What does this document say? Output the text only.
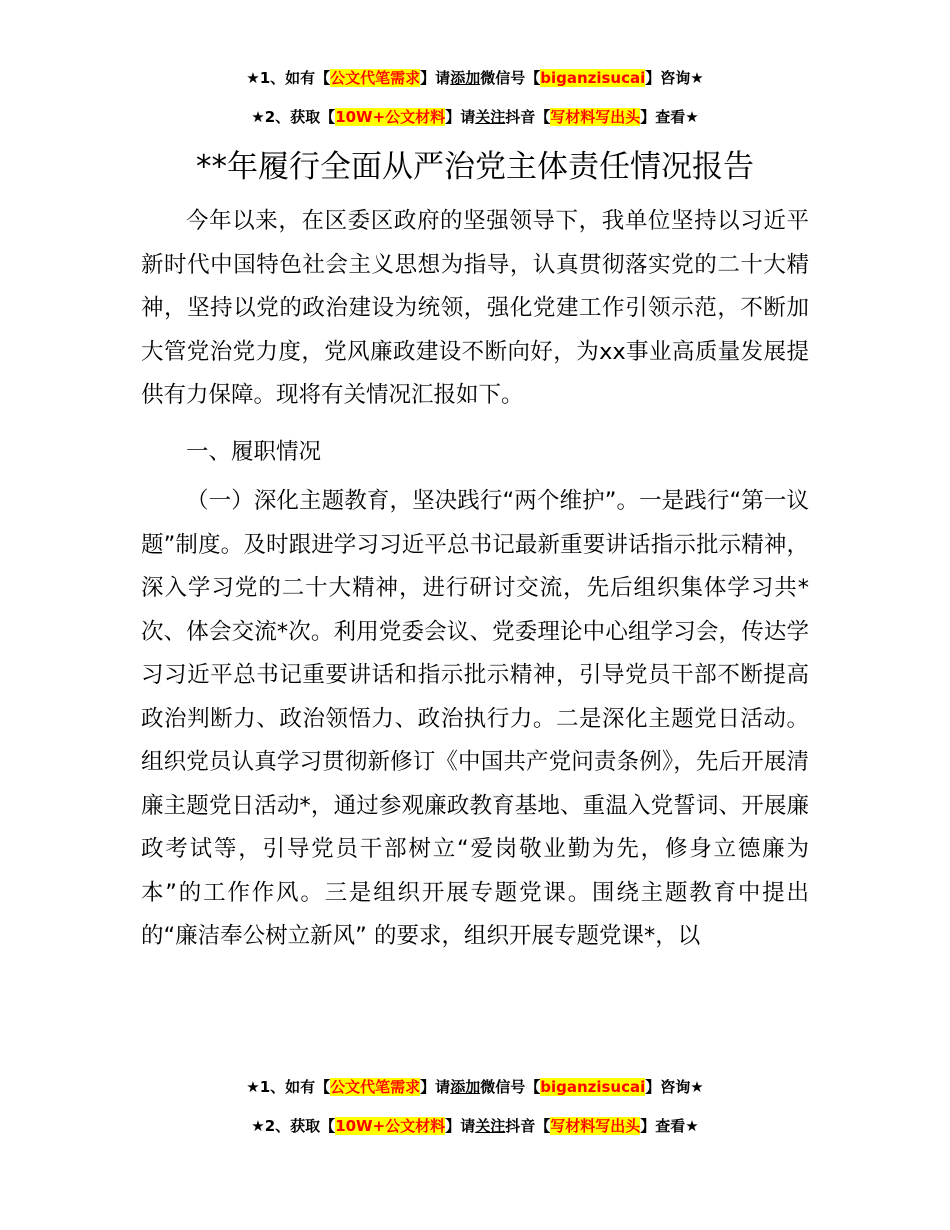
★1、如有【公文代笔需求】请添加微信号【biganzisucai】咨询★
★2、获取【10W+公文材料】请关注抖音【写材料写出头】查看★
**年履行全面从严治党主体责任情况报告

今年以来，在区委区政府的坚强领导下，我单位坚持以习近平新时代中国特色社会主义思想为指导，认真贯彻落实党的二十大精神，坚持以党的政治建设为统领，强化党建工作引领示范，不断加大管党治党力度，党风廉政建设不断向好，为xx事业高质量发展提供有力保障。现将有关情况汇报如下。

一、履职情况

（一）深化主题教育，坚决践行“两个维护”。一是践行“第一议题”制度。及时跟进学习习近平总书记最新重要讲话指示批示精神，深入学习党的二十大精神，进行研讨交流，先后组织集体学习共*次、体会交流*次。利用党委会议、党委理论中心组学习会，传达学习习近平总书记重要讲话和指示批示精神，引导党员干部不断提高政治判断力、政治领悟力、政治执行力。二是深化主题党日活动。组织党员认真学习贯彻新修订《中国共产党问责条例》，先后开展清廉主题党日活动*，通过参观廉政教育基地、重温入党誓词、开展廉政考试等，引导党员干部树立“爱岗敬业勤为先，修身立德廉为本”的工作作风。三是组织开展专题党课。围绕主题教育中提出的“廉洁奉公树立新风” 的要求，组织开展专题党课*，以

★1、如有【公文代笔需求】请添加微信号【biganzisucai】咨询★
★2、获取【10W+公文材料】请关注抖音【写材料写出头】查看★
